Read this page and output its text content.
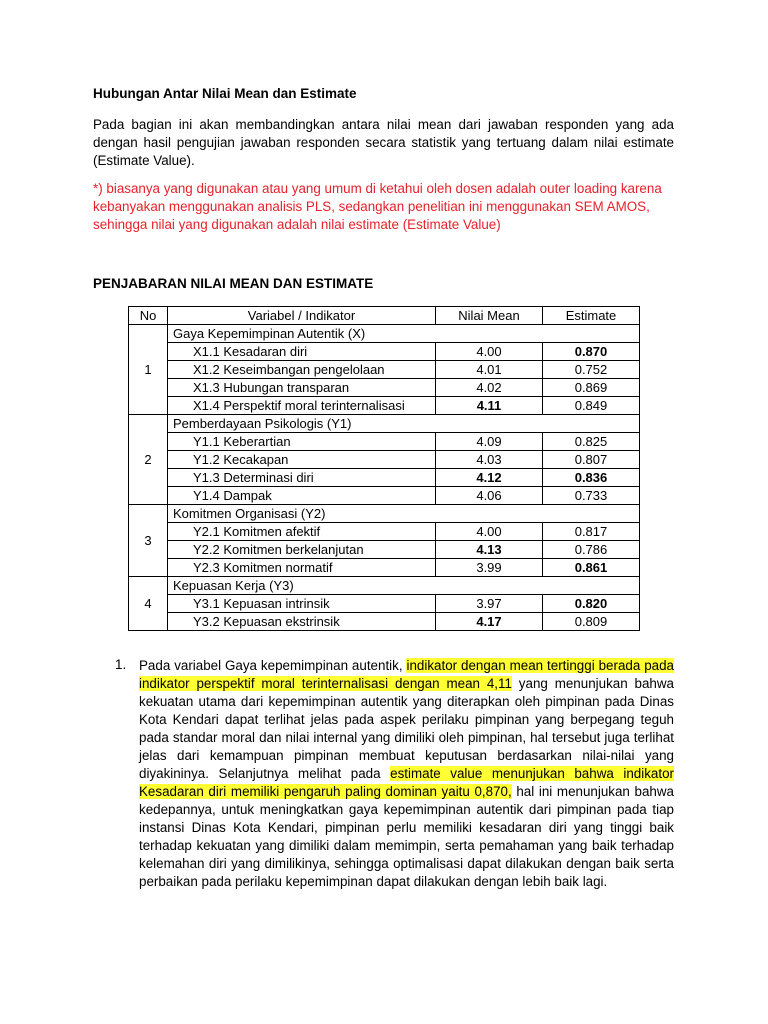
Hubungan Antar Nilai Mean dan Estimate
Pada bagian ini akan membandingkan antara nilai mean dari jawaban responden yang ada dengan hasil pengujian jawaban responden secara statistik yang tertuang dalam nilai estimate (Estimate Value).
*) biasanya yang digunakan atau yang umum di ketahui oleh dosen adalah outer loading karena kebanyakan menggunakan analisis PLS, sedangkan penelitian ini menggunakan SEM AMOS, sehingga nilai yang digunakan adalah nilai estimate (Estimate Value)
PENJABARAN NILAI MEAN DAN ESTIMATE
No	Variabel / Indikator	Nilai Mean	Estimate
1	Gaya Kepemimpinan Autentik (X)		
	X1.1 Kesadaran diri	4.00	0.870
	X1.2 Keseimbangan pengelolaan	4.01	0.752
	X1.3 Hubungan transparan	4.02	0.869
	X1.4 Perspektif moral terinternalisasi	4.11	0.849
2	Pemberdayaan Psikologis (Y1)		
	Y1.1 Keberartian	4.09	0.825
	Y1.2 Kecakapan	4.03	0.807
	Y1.3 Determinasi diri	4.12	0.836
	Y1.4 Dampak	4.06	0.733
3	Komitmen Organisasi (Y2)		
	Y2.1 Komitmen afektif	4.00	0.817
	Y2.2 Komitmen berkelanjutan	4.13	0.786
	Y2.3 Komitmen normatif	3.99	0.861
4	Kepuasan Kerja (Y3)		
	Y3.1 Kepuasan intrinsik	3.97	0.820
	Y3.2 Kepuasan ekstrinsik	4.17	0.809
1. Pada variabel Gaya kepemimpinan autentik, indikator dengan mean tertinggi berada pada indikator perspektif moral terinternalisasi dengan mean 4,11 yang menunjukan bahwa kekuatan utama dari kepemimpinan autentik yang diterapkan oleh pimpinan pada Dinas Kota Kendari dapat terlihat jelas pada aspek perilaku pimpinan yang berpegang teguh pada standar moral dan nilai internal yang dimiliki oleh pimpinan, hal tersebut juga terlihat jelas dari kemampuan pimpinan membuat keputusan berdasarkan nilai-nilai yang diyakininya. Selanjutnya melihat pada estimate value menunjukan bahwa indikator Kesadaran diri memiliki pengaruh paling dominan yaitu 0,870, hal ini menunjukan bahwa kedepannya, untuk meningkatkan gaya kepemimpinan autentik dari pimpinan pada tiap instansi Dinas Kota Kendari, pimpinan perlu memiliki kesadaran diri yang tinggi baik terhadap kekuatan yang dimiliki dalam memimpin, serta pemahaman yang baik terhadap kelemahan diri yang dimilikinya, sehingga optimalisasi dapat dilakukan dengan baik serta perbaikan pada perilaku kepemimpinan dapat dilakukan dengan lebih baik lagi.
